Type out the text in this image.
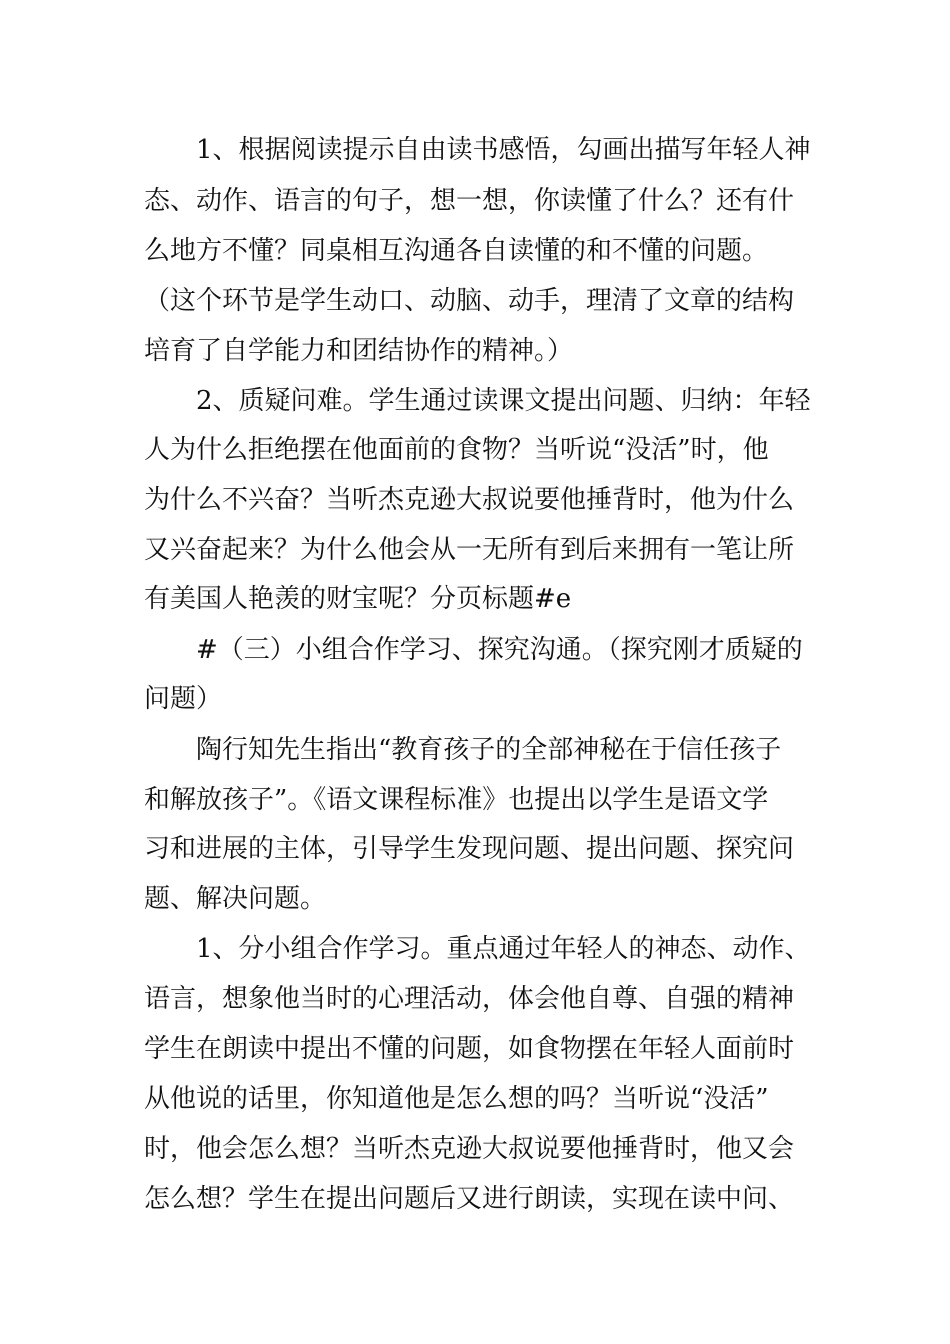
1、根据阅读提示自由读书感悟，勾画出描写年轻人神
态、动作、语言的句子，想一想，你读懂了什么？还有什
么地方不懂？同桌相互沟通各自读懂的和不懂的问题。
（这个环节是学生动口、动脑、动手，理清了文章的结构
培育了自学能力和团结协作的精神。）
2、质疑问难。学生通过读课文提出问题、归纳：年轻
人为什么拒绝摆在他面前的食物？当听说“没活”时，他
为什么不兴奋？当听杰克逊大叔说要他捶背时，他为什么
又兴奋起来？为什么他会从一无所有到后来拥有一笔让所
有美国人艳羡的财宝呢？分页标题#e
#（三）小组合作学习、探究沟通。（探究刚才质疑的
问题）
陶行知先生指出“教育孩子的全部神秘在于信任孩子
和解放孩子”。《语文课程标准》也提出以学生是语文学
习和进展的主体，引导学生发现问题、提出问题、探究问
题、解决问题。
1、分小组合作学习。重点通过年轻人的神态、动作、
语言，想象他当时的心理活动，体会他自尊、自强的精神
学生在朗读中提出不懂的问题，如食物摆在年轻人面前时
从他说的话里，你知道他是怎么想的吗？当听说“没活”
时，他会怎么想？当听杰克逊大叔说要他捶背时，他又会
怎么想？学生在提出问题后又进行朗读，实现在读中问、
